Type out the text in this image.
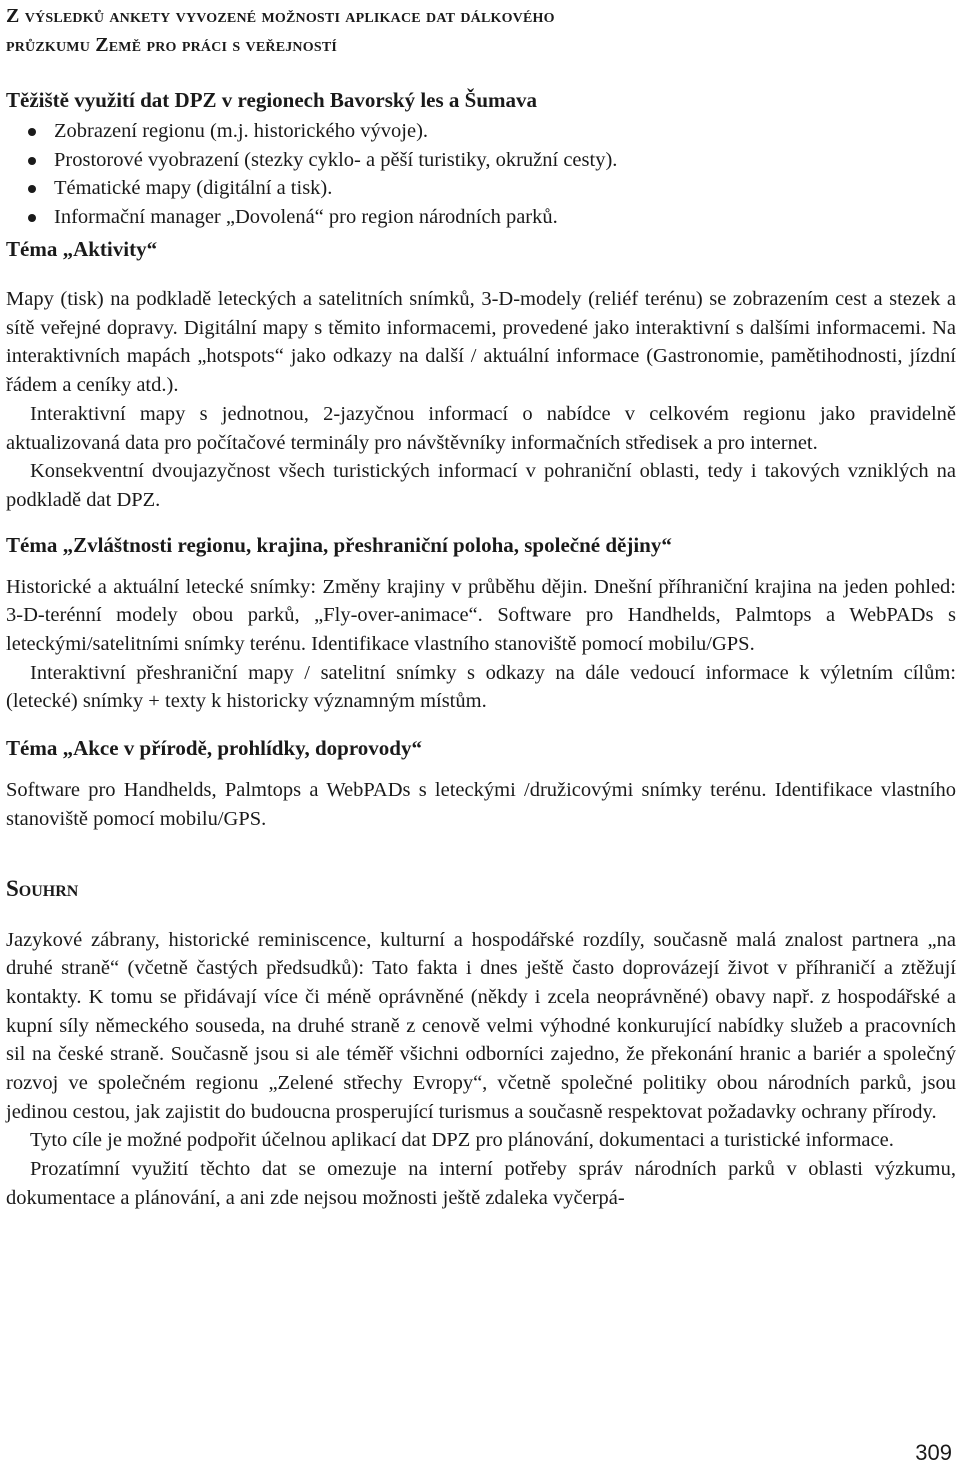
Z výsledků ankety vyvozené možnosti aplikace dat dálkového
průzkumu Země pro práci s veřejností
Těžiště využití dat DPZ v regionech Bavorský les a Šumava
Zobrazení regionu (m.j. historického vývoje).
Prostorové vyobrazení (stezky cyklo- a pěší turistiky, okružní cesty).
Tématické mapy (digitální a tisk).
Informační manager „Dovolená“ pro region národních parků.
Téma „Aktivity“

Mapy (tisk) na podkladě leteckých a satelitních snímků, 3-D-modely (reliéf terénu) se zobrazením cest a stezek a sítě veřejné dopravy. Digitální mapy s těmito informacemi, provedené jako interaktivní s dalšími informacemi. Na interaktivních mapách „hotspots“ jako odkazy na další / aktuální informace (Gastronomie, pamětihodnosti, jízdní řádem a ceníky atd.).

Interaktivní mapy s jednotnou, 2-jazyčnou informací o nabídce v celkovém regionu jako pravidelně aktualizovaná data pro počítačové terminály pro návštěvníky informačních středisek a pro internet.

Konsekventní dvoujazyčnost všech turistických informací v pohraniční oblasti, tedy i takových vzniklých na podkladě dat DPZ.

Téma „Zvláštnosti regionu, krajina, přeshraniční poloha, společné dějiny“

Historické a aktuální letecké snímky: Změny krajiny v průběhu dějin. Dnešní příhraniční krajina na jeden pohled: 3-D-terénní modely obou parků, „Fly-over-animace“. Software pro Handhelds, Palmtops a WebPADs s leteckými/satelitními snímky terénu. Identifikace vlastního stanoviště pomocí mobilu/GPS.

Interaktivní přeshraniční mapy / satelitní snímky s odkazy na dále vedoucí informace k výletním cílům: (letecké) snímky + texty k historicky významným místům.

Téma „Akce v přírodě, prohlídky, doprovody“

Software pro Handhelds, Palmtops a WebPADs s leteckými /družicovými snímky terénu. Identifikace vlastního stanoviště pomocí mobilu/GPS.

Souhrn

Jazykové zábrany, historické reminiscence, kulturní a hospodářské rozdíly, současně malá znalost partnera „na druhé straně“ (včetně častých předsudků): Tato fakta i dnes ještě často doprovázejí život v příhraničí a ztěžují kontakty. K tomu se přidávají více či méně oprávněné (někdy i zcela neoprávněné) obavy např. z hospodářské a kupní síly německého souseda, na druhé straně z cenově velmi výhodné konkurující nabídky služeb a pracovních sil na české straně. Současně jsou si ale téměř všichni odborníci zajedno, že překonání hranic a bariér a společný rozvoj ve společném regionu „Zelené střechy Evropy“, včetně společné politiky obou národních parků, jsou jedinou cestou, jak zajistit do budoucna prosperující turismus a současně respektovat požadavky ochrany přírody.

Tyto cíle je možné podpořit účelnou aplikací dat DPZ pro plánování, dokumentaci a turistické informace.

Prozatímní využití těchto dat se omezuje na interní potřeby správ národních parků v oblasti výzkumu, dokumentace a plánování, a ani zde nejsou možnosti ještě zdaleka vyčerpá-

309
